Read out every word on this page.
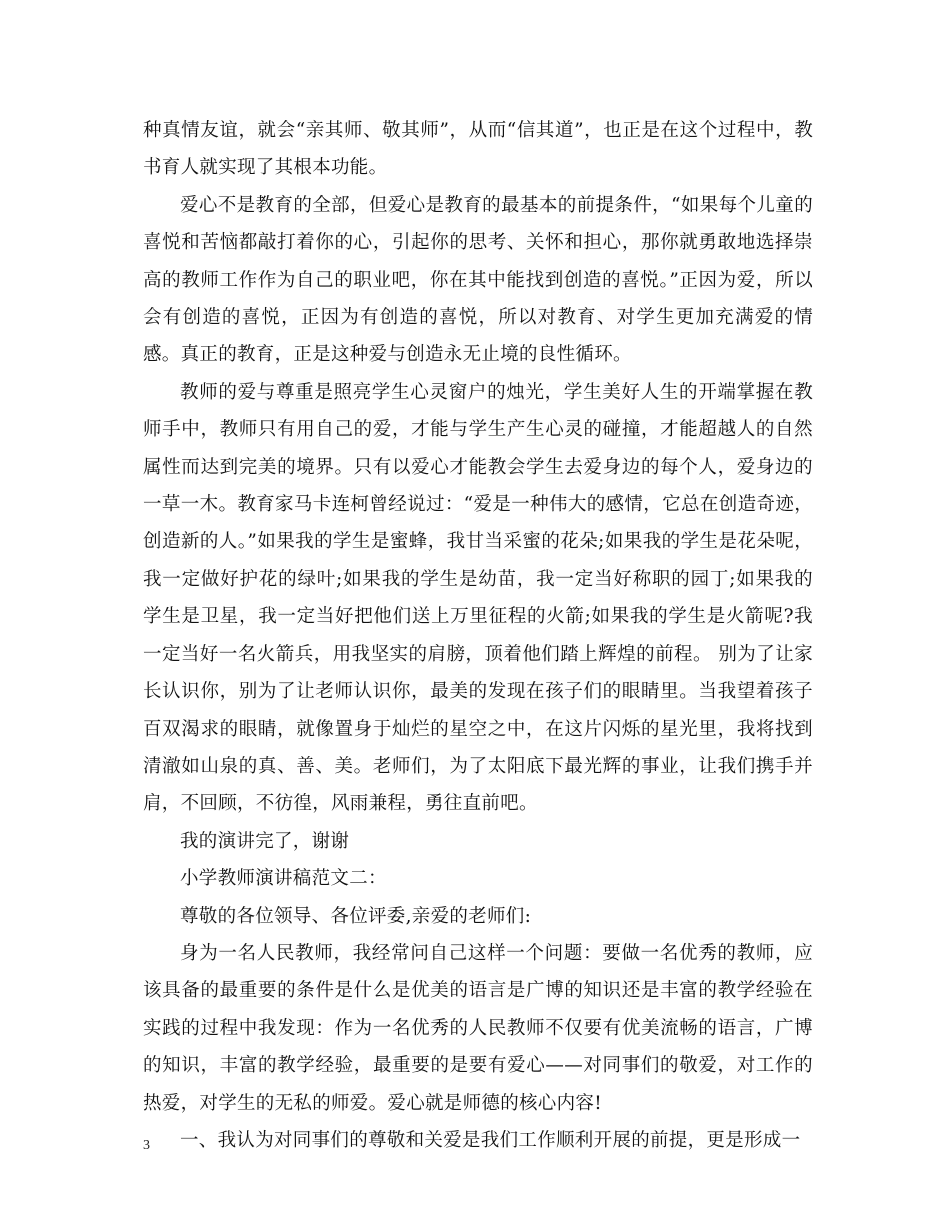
种真情友谊，就会“亲其师、敬其师”，从而“信其道”，也正是在这个过程中，教书育人就实现了其根本功能。

爱心不是教育的全部，但爱心是教育的最基本的前提条件，“如果每个儿童的喜悦和苦恼都敲打着你的心，引起你的思考、关怀和担心，那你就勇敢地选择崇高的教师工作作为自己的职业吧，你在其中能找到创造的喜悦。”正因为爱，所以会有创造的喜悦，正因为有创造的喜悦，所以对教育、对学生更加充满爱的情感。真正的教育，正是这种爱与创造永无止境的良性循环。

教师的爱与尊重是照亮学生心灵窗户的烛光，学生美好人生的开端掌握在教师手中，教师只有用自己的爱，才能与学生产生心灵的碰撞，才能超越人的自然属性而达到完美的境界。只有以爱心才能教会学生去爱身边的每个人，爱身边的一草一木。教育家马卡连柯曾经说过：“爱是一种伟大的感情，它总在创造奇迹，创造新的人。”如果我的学生是蜜蜂，我甘当采蜜的花朵;如果我的学生是花朵呢，我一定做好护花的绿叶;如果我的学生是幼苗，我一定当好称职的园丁;如果我的学生是卫星，我一定当好把他们送上万里征程的火箭;如果我的学生是火箭呢?我一定当好一名火箭兵，用我坚实的肩膀，顶着他们踏上辉煌的前程。 别为了让家长认识你，别为了让老师认识你，最美的发现在孩子们的眼睛里。当我望着孩子百双渴求的眼睛，就像置身于灿烂的星空之中，在这片闪烁的星光里，我将找到清澈如山泉的真、善、美。老师们，为了太阳底下最光辉的事业，让我们携手并肩，不回顾，不彷徨，风雨兼程，勇往直前吧。

我的演讲完了，谢谢

小学教师演讲稿范文二：

尊敬的各位领导、各位评委,亲爱的老师们:

身为一名人民教师，我经常问自己这样一个问题：要做一名优秀的教师，应该具备的最重要的条件是什么是优美的语言是广博的知识还是丰富的教学经验在实践的过程中我发现：作为一名优秀的人民教师不仅要有优美流畅的语言，广博的知识，丰富的教学经验，最重要的是要有爱心——对同事们的敬爱，对工作的热爱，对学生的无私的师爱。爱心就是师德的核心内容!

一、我认为对同事们的尊敬和关爱是我们工作顺利开展的前提，更是形成一

3
